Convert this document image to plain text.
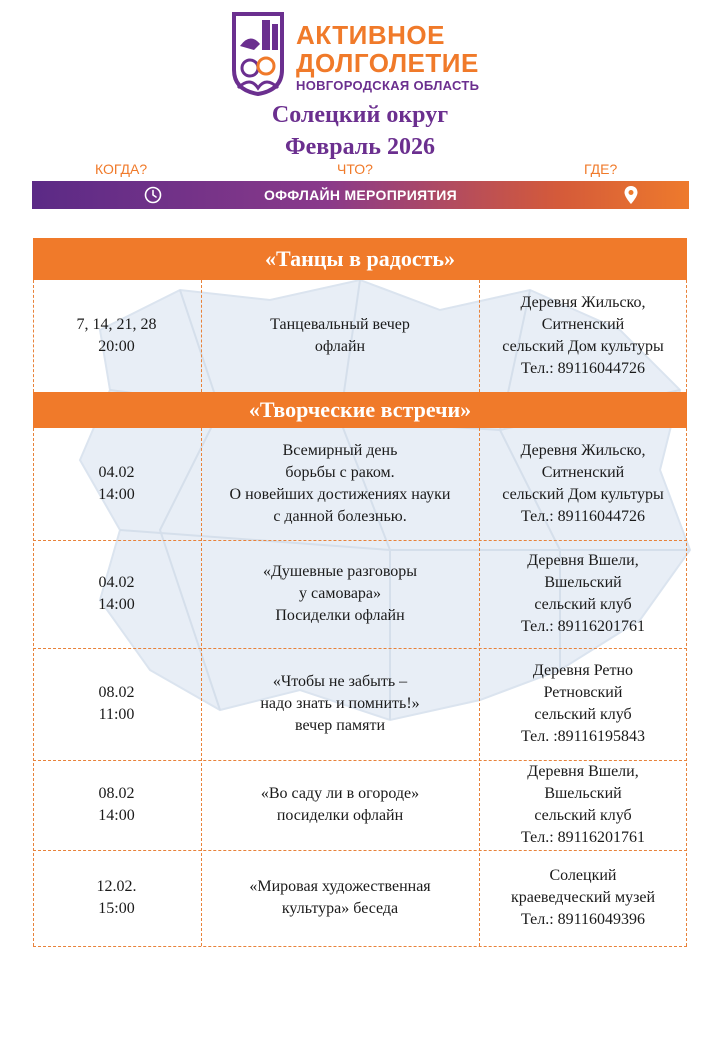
АКТИВНОЕ
ДОЛГОЛЕТИЕ
НОВГОРОДСКАЯ ОБЛАСТЬ
Солецкий округ
Февраль 2026
КОГДА?	ЧТО?	ГДЕ?
ОФФЛАЙН МЕРОПРИЯТИЯ
«Танцы в радость»
7, 14, 21, 28
20:00
Танцевальный вечер
офлайн
Деревня Жильско,
Ситненский
сельский Дом культуры
Тел.: 89116044726
«Творческие встречи»
04.02
14:00
Всемирный день
борьбы с раком.
О новейших достижениях науки
с данной болезнью.
Деревня Жильско,
Ситненский
сельский Дом культуры
Тел.: 89116044726
04.02
14:00
«Душевные разговоры
у самовара»
Посиделки офлайн
Деревня Вшели,
Вшельский
сельский клуб
Тел.: 89116201761
08.02
11:00
«Чтобы не забыть –
надо знать и помнить!»
вечер памяти
Деревня Ретно
Ретновский
сельский клуб
Тел. :89116195843
08.02
14:00
«Во саду ли в огороде»
посиделки офлайн
Деревня Вшели,
Вшельский
сельский клуб
Тел.: 89116201761
12.02.
15:00
«Мировая художественная
культура» беседа
Солецкий
краеведческий музей
Тел.: 89116049396
